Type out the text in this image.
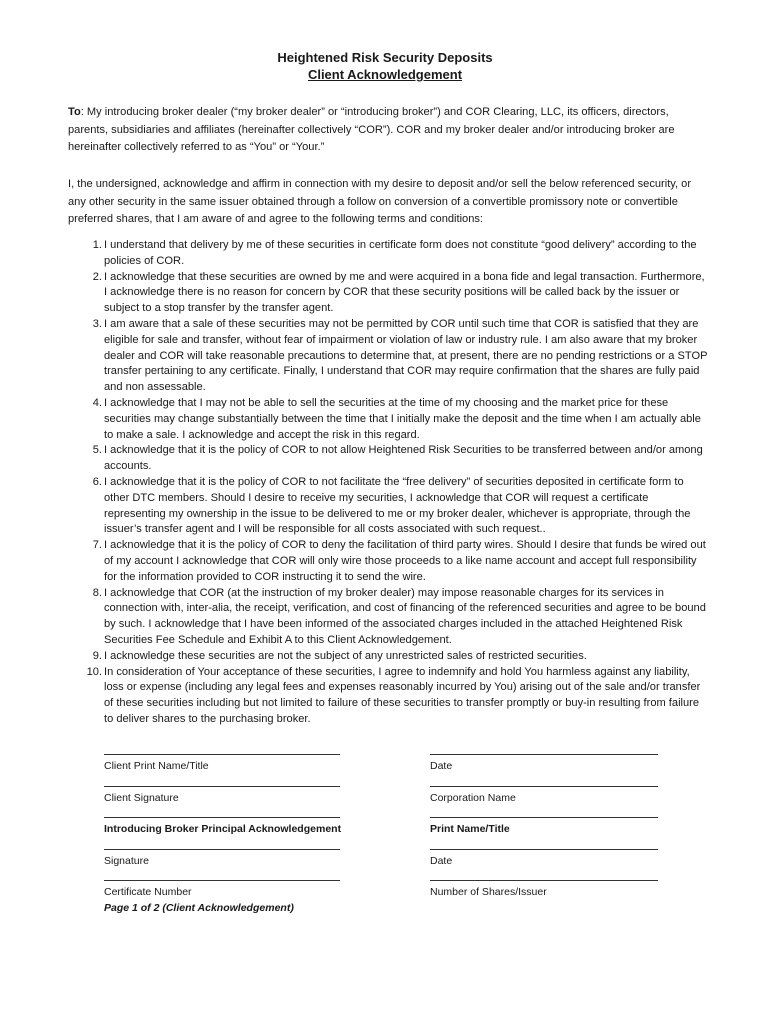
Heightened Risk Security Deposits
Client Acknowledgement

To: My introducing broker dealer (“my broker dealer” or “introducing broker”) and COR Clearing, LLC, its officers, directors, parents, subsidiaries and affiliates (hereinafter collectively “COR”). COR and my broker dealer and/or introducing broker are hereinafter collectively referred to as “You” or “Your.”

I, the undersigned, acknowledge and affirm in connection with my desire to deposit and/or sell the below referenced security, or any other security in the same issuer obtained through a follow on conversion of a convertible promissory note or convertible preferred shares, that I am aware of and agree to the following terms and conditions:

1. I understand that delivery by me of these securities in certificate form does not constitute “good delivery” according to the policies of COR.
2. I acknowledge that these securities are owned by me and were acquired in a bona fide and legal transaction. Furthermore, I acknowledge there is no reason for concern by COR that these security positions will be called back by the issuer or subject to a stop transfer by the transfer agent.
3. I am aware that a sale of these securities may not be permitted by COR until such time that COR is satisfied that they are eligible for sale and transfer, without fear of impairment or violation of law or industry rule. I am also aware that my broker dealer and COR will take reasonable precautions to determine that, at present, there are no pending restrictions or a STOP transfer pertaining to any certificate. Finally, I understand that COR may require confirmation that the shares are fully paid and non assessable.
4. I acknowledge that I may not be able to sell the securities at the time of my choosing and the market price for these securities may change substantially between the time that I initially make the deposit and the time when I am actually able to make a sale. I acknowledge and accept the risk in this regard.
5. I acknowledge that it is the policy of COR to not allow Heightened Risk Securities to be transferred between and/or among accounts.
6. I acknowledge that it is the policy of COR to not facilitate the “free delivery” of securities deposited in certificate form to other DTC members. Should I desire to receive my securities, I acknowledge that COR will request a certificate representing my ownership in the issue to be delivered to me or my broker dealer, whichever is appropriate, through the issuer’s transfer agent and I will be responsible for all costs associated with such request..
7. I acknowledge that it is the policy of COR to deny the facilitation of third party wires. Should I desire that funds be wired out of my account I acknowledge that COR will only wire those proceeds to a like name account and accept full responsibility for the information provided to COR instructing it to send the wire.
8. I acknowledge that COR (at the instruction of my broker dealer) may impose reasonable charges for its services in connection with, inter-alia, the receipt, verification, and cost of financing of the referenced securities and agree to be bound by such. I acknowledge that I have been informed of the associated charges included in the attached Heightened Risk Securities Fee Schedule and Exhibit A to this Client Acknowledgement.
9. I acknowledge these securities are not the subject of any unrestricted sales of restricted securities.
10. In consideration of Your acceptance of these securities, I agree to indemnify and hold You harmless against any liability, loss or expense (including any legal fees and expenses reasonably incurred by You) arising out of the sale and/or transfer of these securities including but not limited to failure of these securities to transfer promptly or buy-in resulting from failure to deliver shares to the purchasing broker.
Client Print Name/Title	Date
Client Signature	Corporation Name
Introducing Broker Principal Acknowledgement	Print Name/Title
Signature	Date
Certificate Number	Number of Shares/Issuer
Page 1 of 2 (Client Acknowledgement)
